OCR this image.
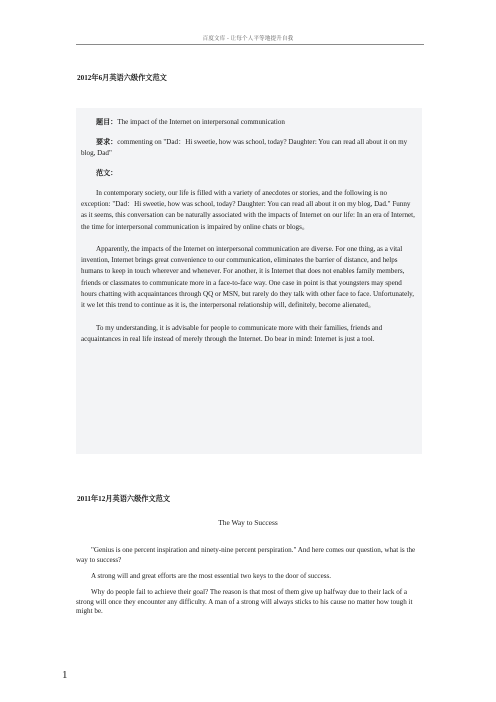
百度文库 - 让每个人平等地提升自我
2012年6月英语六级作文范文

题目：The impact of the Internet on interpersonal communication

要求：commenting on "Dad：Hi sweetie, how was school, today? Daughter: You can read all about it on my blog, Dad"

范文：

In contemporary society, our life is filled with a variety of anecdotes or stories, and the following is no exception: "Dad：Hi sweetie, how was school, today? Daughter: You can read all about it on my blog, Dad." Funny as it seems, this conversation can be naturally associated with the impacts of Internet on our life: In an era of Internet, the time for interpersonal communication is impaired by online chats or blogs。

Apparently, the impacts of the Internet on interpersonal communication are diverse. For one thing, as a vital invention, Internet brings great convenience to our communication, eliminates the barrier of distance, and helps humans to keep in touch wherever and whenever. For another, it is Internet that does not enables family members, friends or classmates to communicate more in a face-to-face way. One case in point is that youngsters may spend hours chatting with acquaintances through QQ or MSN, but rarely do they talk with other face to face. Unfortunately, it we let this trend to continue as it is, the interpersonal relationship will, definitely, become alienated。

To my understanding, it is advisable for people to communicate more with their families, friends and acquaintances in real life instead of merely through the Internet. Do bear in mind: Internet is just a tool.

2011年12月英语六级作文范文
The Way to Success

"Genius is one percent inspiration and ninety-nine percent perspiration." And here comes our question, what is the way to success?

A strong will and great efforts are the most essential two keys to the door of success.

Why do people fail to achieve their goal? The reason is that most of them give up halfway due to their lack of a strong will once they encounter any difficulty. A man of a strong will always sticks to his cause no matter how tough it might be.

1
